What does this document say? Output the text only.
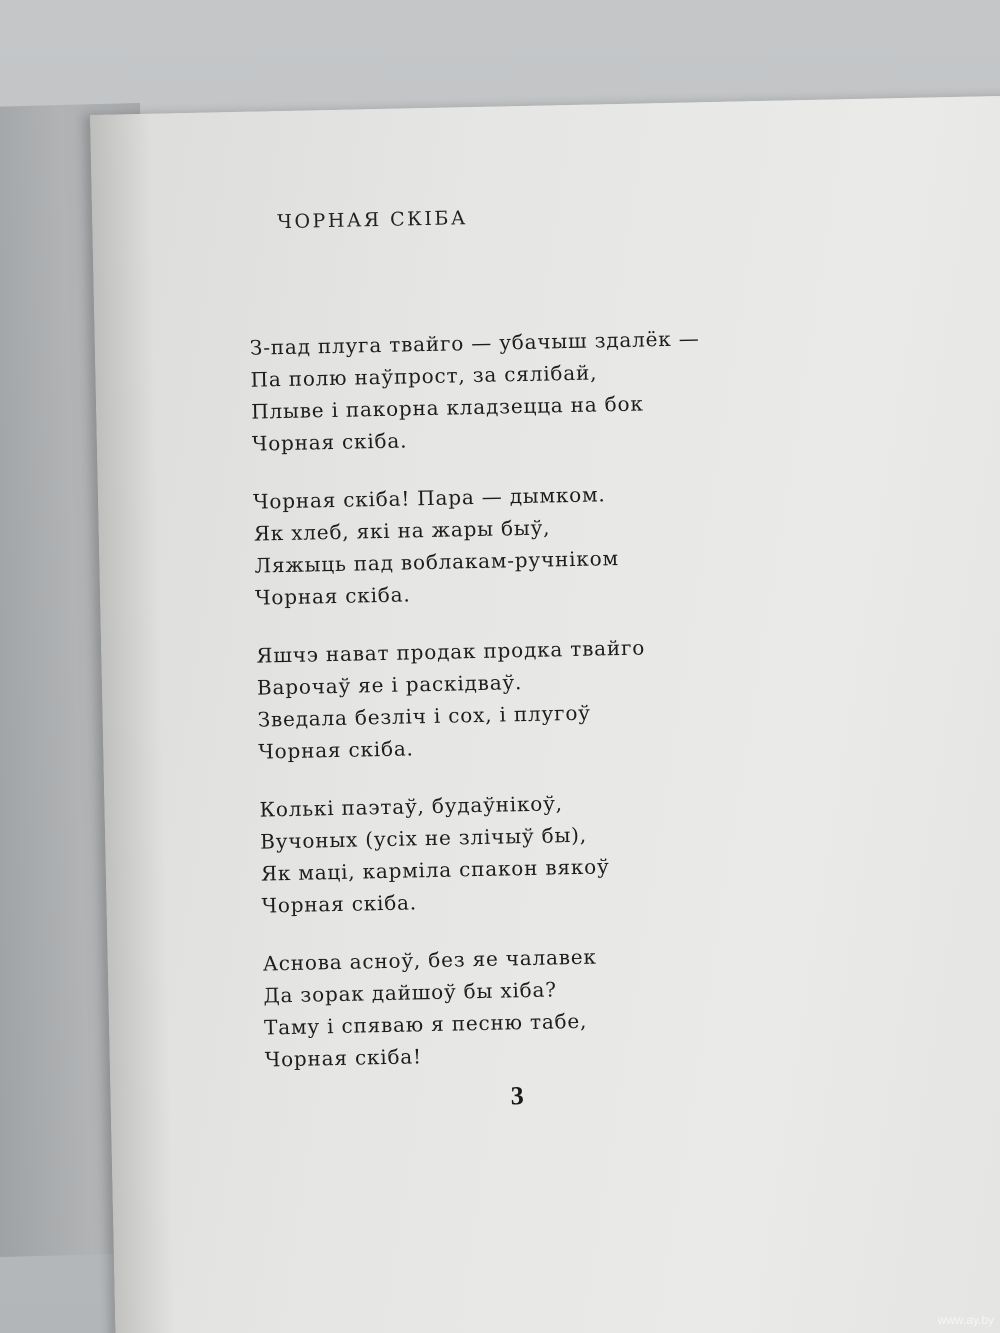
ЧОРНАЯ СКІБА
З-пад плуга твайго — убачыш здалёк —
Па полю наўпрост, за сялібай,
Плыве і пакорна кладзецца на бок
Чорная скіба.
Чорная скіба! Пара — дымком.
Як хлеб, які на жары быў,
Ляжыць пад воблакам-ручніком
Чорная скіба.
Яшчэ нават продак продка твайго
Варочаў яе і раскідваў.
Зведала безліч і сох, і плугоў
Чорная скіба.
Колькі паэтаў, будаўнікоў,
Вучоных (усіх не злічыў бы),
Як маці, карміла спакон вякоў
Чорная скіба.
Аснова асноў, без яе чалавек
Да зорак дайшоў бы хіба?
Таму і спяваю я песню табе,
Чорная скіба!
3
www.ay.by
